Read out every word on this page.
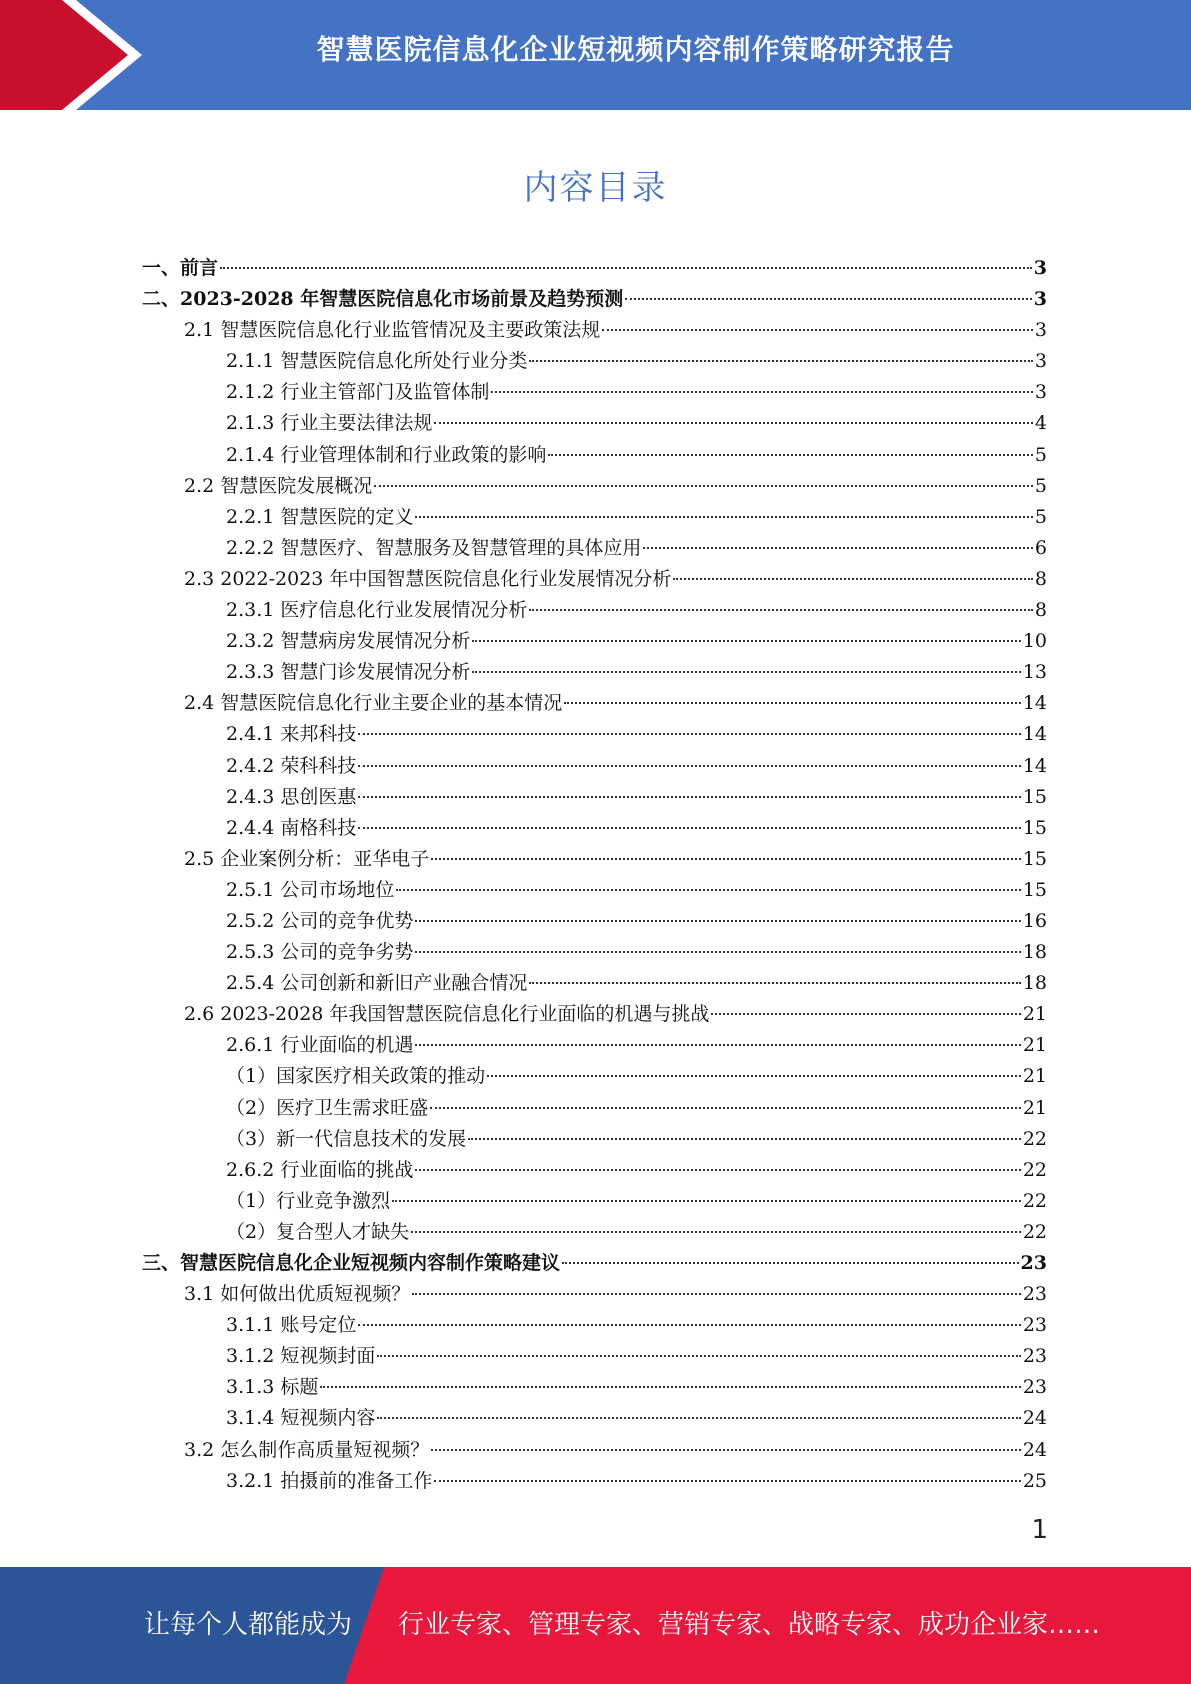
智慧医院信息化企业短视频内容制作策略研究报告
内容目录
一、前言	3
二、2023-2028 年智慧医院信息化市场前景及趋势预测	3
2.1 智慧医院信息化行业监管情况及主要政策法规	3
2.1.1 智慧医院信息化所处行业分类	3
2.1.2 行业主管部门及监管体制	3
2.1.3 行业主要法律法规	4
2.1.4 行业管理体制和行业政策的影响	5
2.2 智慧医院发展概况	5
2.2.1 智慧医院的定义	5
2.2.2 智慧医疗、智慧服务及智慧管理的具体应用	6
2.3 2022-2023 年中国智慧医院信息化行业发展情况分析	8
2.3.1 医疗信息化行业发展情况分析	8
2.3.2 智慧病房发展情况分析	10
2.3.3 智慧门诊发展情况分析	13
2.4 智慧医院信息化行业主要企业的基本情况	14
2.4.1 来邦科技	14
2.4.2 荣科科技	14
2.4.3 思创医惠	15
2.4.4 南格科技	15
2.5 企业案例分析：亚华电子	15
2.5.1 公司市场地位	15
2.5.2 公司的竞争优势	16
2.5.3 公司的竞争劣势	18
2.5.4 公司创新和新旧产业融合情况	18
2.6 2023-2028 年我国智慧医院信息化行业面临的机遇与挑战	21
2.6.1 行业面临的机遇	21
（1）国家医疗相关政策的推动	21
（2）医疗卫生需求旺盛	21
（3）新一代信息技术的发展	22
2.6.2 行业面临的挑战	22
（1）行业竞争激烈	22
（2）复合型人才缺失	22
三、智慧医院信息化企业短视频内容制作策略建议	23
3.1 如何做出优质短视频？	23
3.1.1 账号定位	23
3.1.2 短视频封面	23
3.1.3 标题	23
3.1.4 短视频内容	24
3.2 怎么制作高质量短视频？	24
3.2.1 拍摄前的准备工作	25
1
让每个人都能成为 行业专家、管理专家、营销专家、战略专家、成功企业家……
